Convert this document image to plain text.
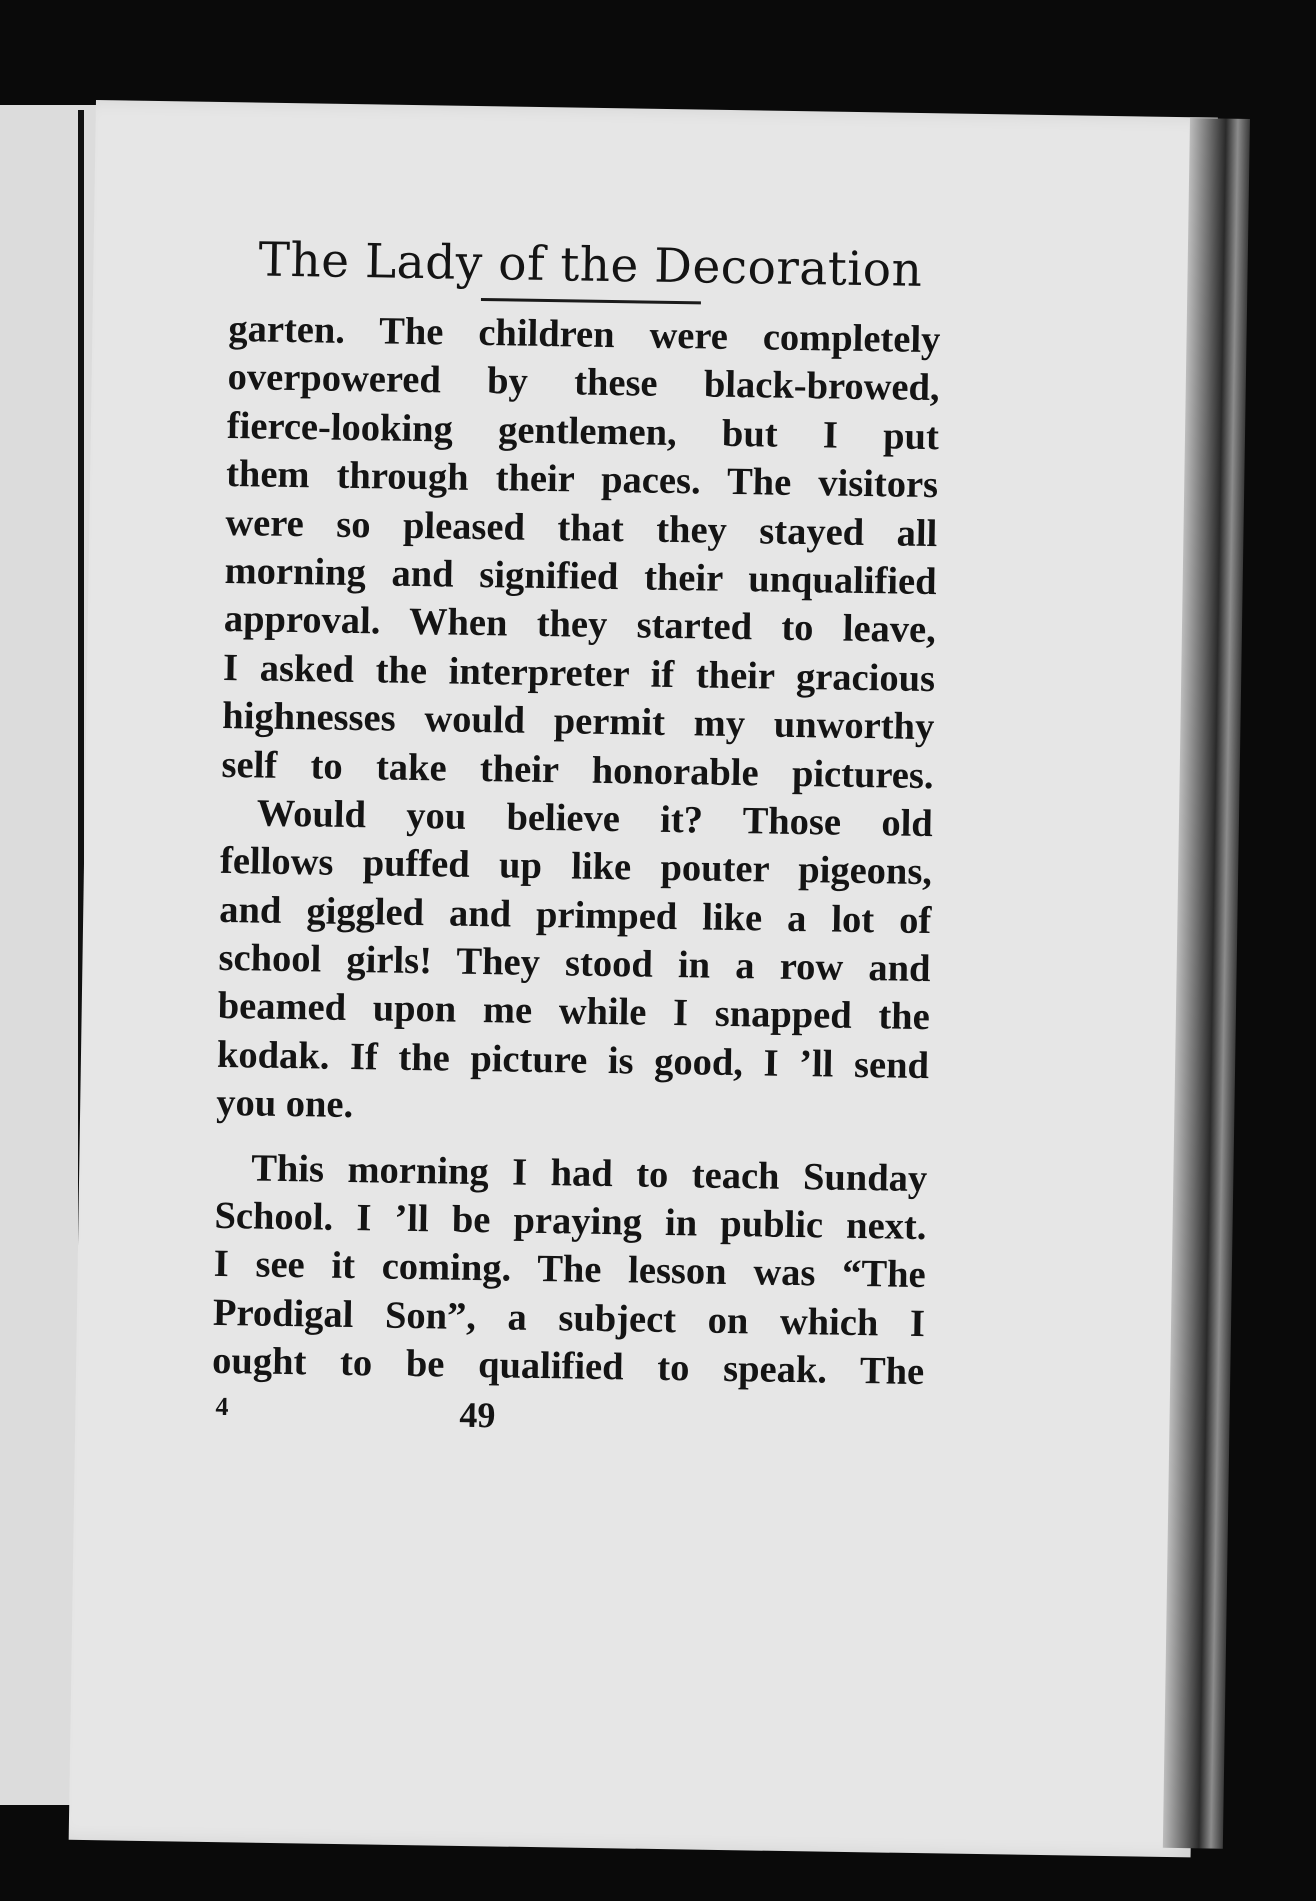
The Lady of the Decoration
garten. The children were completely
overpowered by these black-browed,
fierce-looking gentlemen, but I put
them through their paces. The visitors
were so pleased that they stayed all
morning and signified their unqualified
approval. When they started to leave,
I asked the interpreter if their gracious
highnesses would permit my unworthy
self to take their honorable pictures.
Would you believe it? Those old
fellows puffed up like pouter pigeons,
and giggled and primped like a lot of
school girls! They stood in a row and
beamed upon me while I snapped the
kodak. If the picture is good, I ’ll send
you one.
This morning I had to teach Sunday
School. I ’ll be praying in public next.
I see it coming. The lesson was “The
Prodigal Son”, a subject on which I
ought to be qualified to speak. The
4	49
